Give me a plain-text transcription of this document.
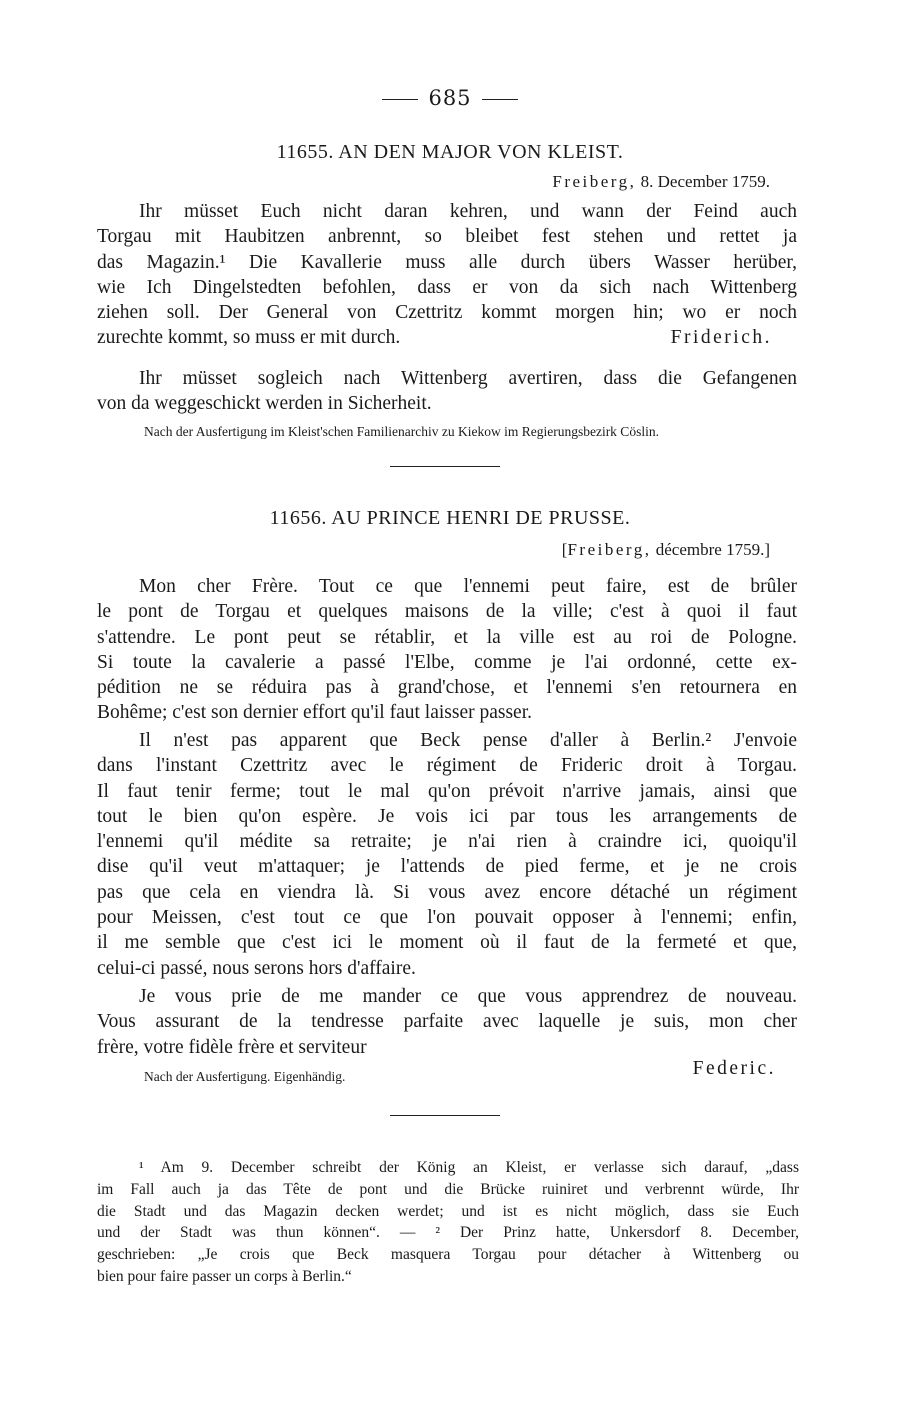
685
11655. AN DEN MAJOR VON KLEIST.
Freiberg, 8. December 1759.
Ihr müsset Euch nicht daran kehren, und wann der Feind auch
Torgau mit Haubitzen anbrennt, so bleibet fest stehen und rettet ja
das Magazin.¹ Die Kavallerie muss alle durch übers Wasser herüber,
wie Ich Dingelstedten befohlen, dass er von da sich nach Wittenberg
ziehen soll. Der General von Czettritz kommt morgen hin; wo er noch
zurechte kommt, so muss er mit durch.	Friderich.
Ihr müsset sogleich nach Wittenberg avertiren, dass die Gefangenen
von da weggeschickt werden in Sicherheit.
Nach der Ausfertigung im Kleist'schen Familienarchiv zu Kiekow im Regierungsbezirk Cöslin.
11656. AU PRINCE HENRI DE PRUSSE.
[Freiberg, décembre 1759.]
Mon cher Frère. Tout ce que l'ennemi peut faire, est de brûler
le pont de Torgau et quelques maisons de la ville; c'est à quoi il faut
s'attendre. Le pont peut se rétablir, et la ville est au roi de Pologne.
Si toute la cavalerie a passé l'Elbe, comme je l'ai ordonné, cette ex-
pédition ne se réduira pas à grand'chose, et l'ennemi s'en retournera en
Bohême; c'est son dernier effort qu'il faut laisser passer.
Il n'est pas apparent que Beck pense d'aller à Berlin.² J'envoie
dans l'instant Czettritz avec le régiment de Frideric droit à Torgau.
Il faut tenir ferme; tout le mal qu'on prévoit n'arrive jamais, ainsi que
tout le bien qu'on espère. Je vois ici par tous les arrangements de
l'ennemi qu'il médite sa retraite; je n'ai rien à craindre ici, quoiqu'il
dise qu'il veut m'attaquer; je l'attends de pied ferme, et je ne crois
pas que cela en viendra là. Si vous avez encore détaché un régiment
pour Meissen, c'est tout ce que l'on pouvait opposer à l'ennemi; enfin,
il me semble que c'est ici le moment où il faut de la fermeté et que,
celui-ci passé, nous serons hors d'affaire.
Je vous prie de me mander ce que vous apprendrez de nouveau.
Vous assurant de la tendresse parfaite avec laquelle je suis, mon cher
frère, votre fidèle frère et serviteur
Nach der Ausfertigung. Eigenhändig.	Federic.
¹ Am 9. December schreibt der König an Kleist, er verlasse sich darauf, „dass
im Fall auch ja das Tête de pont und die Brücke ruiniret und verbrennt würde, Ihr
die Stadt und das Magazin decken werdet; und ist es nicht möglich, dass sie Euch
und der Stadt was thun können“. — ² Der Prinz hatte, Unkersdorf 8. December,
geschrieben: „Je crois que Beck masquera Torgau pour détacher à Wittenberg ou
bien pour faire passer un corps à Berlin.“
